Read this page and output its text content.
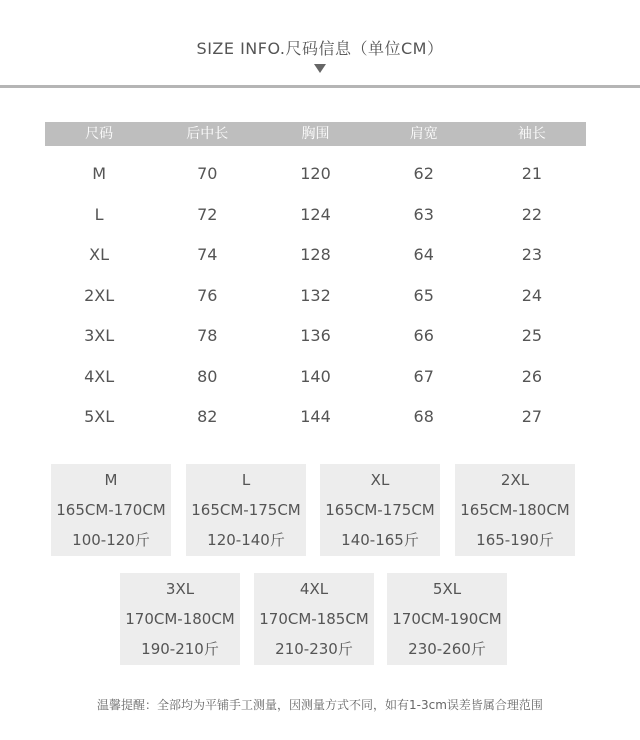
SIZE INFO.尺码信息（单位CM）
尺码	后中长	胸围	肩宽	袖长
M	70	120	62	21
L	72	124	63	22
XL	74	128	64	23
2XL	76	132	65	24
3XL	78	136	66	25
4XL	80	140	67	26
5XL	82	144	68	27
M
165CM-170CM
100-120斤
L
165CM-175CM
120-140斤
XL
165CM-175CM
140-165斤
2XL
165CM-180CM
165-190斤
3XL
170CM-180CM
190-210斤
4XL
170CM-185CM
210-230斤
5XL
170CM-190CM
230-260斤
温馨提醒：全部均为平铺手工测量，因测量方式不同，如有1-3cm误差皆属合理范围
